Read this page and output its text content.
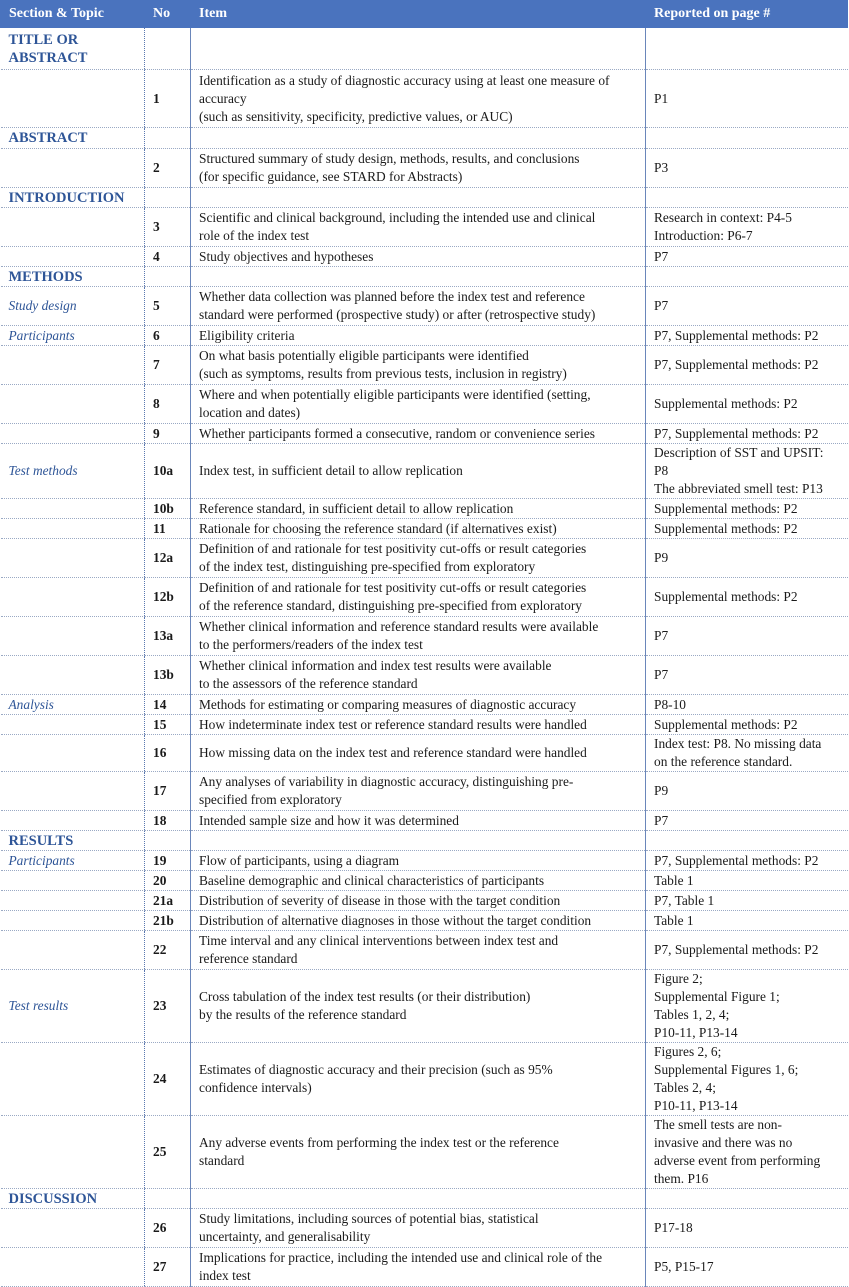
Section & Topic	No	Item	Reported on page #

TITLE OR ABSTRACT			

	1	Identification as a study of diagnostic accuracy using at least one measure of accuracy
(such as sensitivity, specificity, predictive values, or AUC)	P1

ABSTRACT			

	2	Structured summary of study design, methods, results, and conclusions
(for specific guidance, see STARD for Abstracts)	P3

INTRODUCTION			

	3	Scientific and clinical background, including the intended use and clinical
role of the index test	Research in context: P4-5
Introduction: P6-7

	4	Study objectives and hypotheses	P7

METHODS			

Study design	5	Whether data collection was planned before the index test and reference
standard were performed (prospective study) or after (retrospective study)	P7

Participants	6	Eligibility criteria	P7, Supplemental methods: P2

	7	On what basis potentially eligible participants were identified
(such as symptoms, results from previous tests, inclusion in registry)	P7, Supplemental methods: P2

	8	Where and when potentially eligible participants were identified (setting,
location and dates)	Supplemental methods: P2

	9	Whether participants formed a consecutive, random or convenience series	P7, Supplemental methods: P2

Test methods	10a	Index test, in sufficient detail to allow replication	Description of SST and UPSIT:
P8
The abbreviated smell test: P13

	10b	Reference standard, in sufficient detail to allow replication	Supplemental methods: P2

	11	Rationale for choosing the reference standard (if alternatives exist)	Supplemental methods: P2

	12a	Definition of and rationale for test positivity cut-offs or result categories
of the index test, distinguishing pre-specified from exploratory	P9

	12b	Definition of and rationale for test positivity cut-offs or result categories
of the reference standard, distinguishing pre-specified from exploratory	Supplemental methods: P2

	13a	Whether clinical information and reference standard results were available
to the performers/readers of the index test	P7

	13b	Whether clinical information and index test results were available
to the assessors of the reference standard	P7

Analysis	14	Methods for estimating or comparing measures of diagnostic accuracy	P8-10

	15	How indeterminate index test or reference standard results were handled	Supplemental methods: P2

	16	How missing data on the index test and reference standard were handled	Index test: P8. No missing data
on the reference standard.

	17	Any analyses of variability in diagnostic accuracy, distinguishing pre-
specified from exploratory	P9

	18	Intended sample size and how it was determined	P7

RESULTS			

Participants	19	Flow of participants, using a diagram	P7, Supplemental methods: P2

	20	Baseline demographic and clinical characteristics of participants	Table 1

	21a	Distribution of severity of disease in those with the target condition	P7, Table 1

	21b	Distribution of alternative diagnoses in those without the target condition	Table 1

	22	Time interval and any clinical interventions between index test and
reference standard	P7, Supplemental methods: P2

Test results	23	Cross tabulation of the index test results (or their distribution)
by the results of the reference standard	Figure 2;
Supplemental Figure 1;
Tables 1, 2, 4;
P10-11, P13-14

	24	Estimates of diagnostic accuracy and their precision (such as 95%
confidence intervals)	Figures 2, 6;
Supplemental Figures 1, 6;
Tables 2, 4;
P10-11, P13-14

	25	Any adverse events from performing the index test or the reference
standard	The smell tests are non-
invasive and there was no
adverse event from performing
them. P16

DISCUSSION			

	26	Study limitations, including sources of potential bias, statistical
uncertainty, and generalisability	P17-18

	27	Implications for practice, including the intended use and clinical role of the
index test	P5, P15-17
